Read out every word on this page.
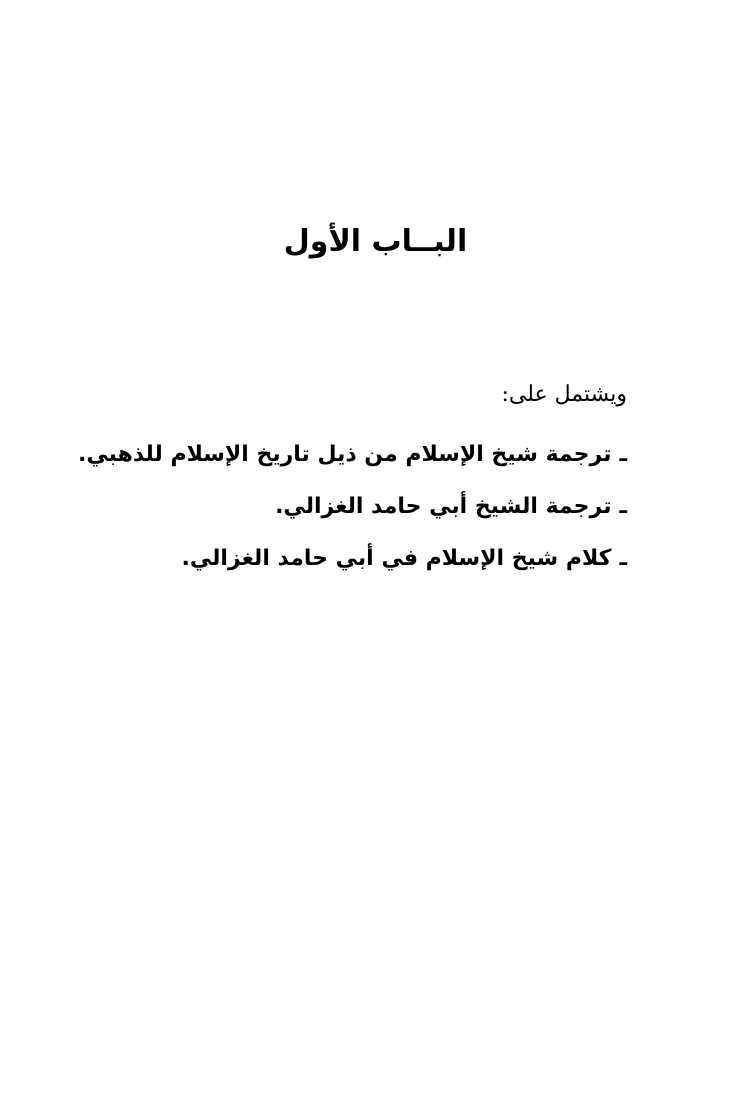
البــاب الأول
ويشتمل على:
ـ
ترجمة شيخ الإسلام من ذيل تاريخ الإسلام للذهبي.
ـ
ترجمة الشيخ أبي حامد الغزالي.
ـ
كلام شيخ الإسلام في أبي حامد الغزالي.
